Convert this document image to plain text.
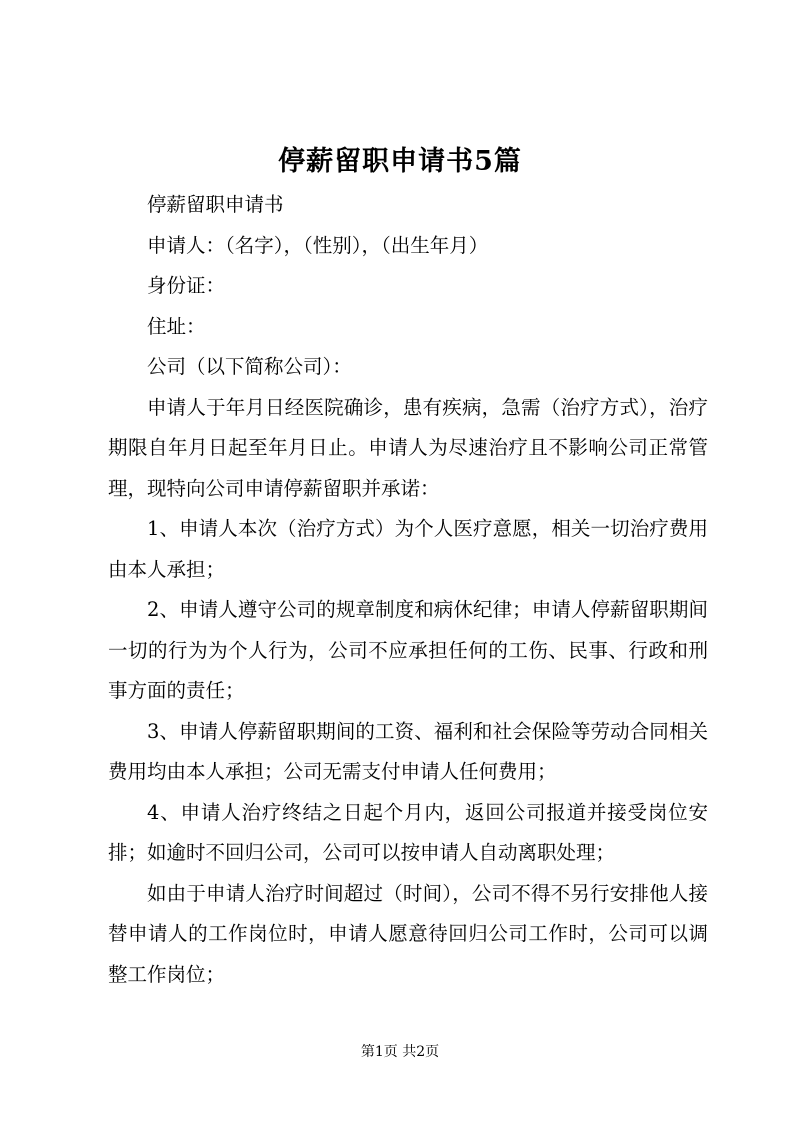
停薪留职申请书5篇

停薪留职申请书

申请人：（名字），（性别），（出生年月）

身份证：

住址：

公司（以下简称公司）：

申请人于年月日经医院确诊，患有疾病，急需（治疗方式），治疗期限自年月日起至年月日止。申请人为尽速治疗且不影响公司正常管理，现特向公司申请停薪留职并承诺：

1、申请人本次（治疗方式）为个人医疗意愿，相关一切治疗费用由本人承担；

2、申请人遵守公司的规章制度和病休纪律；申请人停薪留职期间一切的行为为个人行为，公司不应承担任何的工伤、民事、行政和刑事方面的责任；

3、申请人停薪留职期间的工资、福利和社会保险等劳动合同相关费用均由本人承担；公司无需支付申请人任何费用；

4、申请人治疗终结之日起个月内，返回公司报道并接受岗位安排；如逾时不回归公司，公司可以按申请人自动离职处理；

如由于申请人治疗时间超过（时间），公司不得不另行安排他人接替申请人的工作岗位时，申请人愿意待回归公司工作时，公司可以调整工作岗位；

第1页 共2页
